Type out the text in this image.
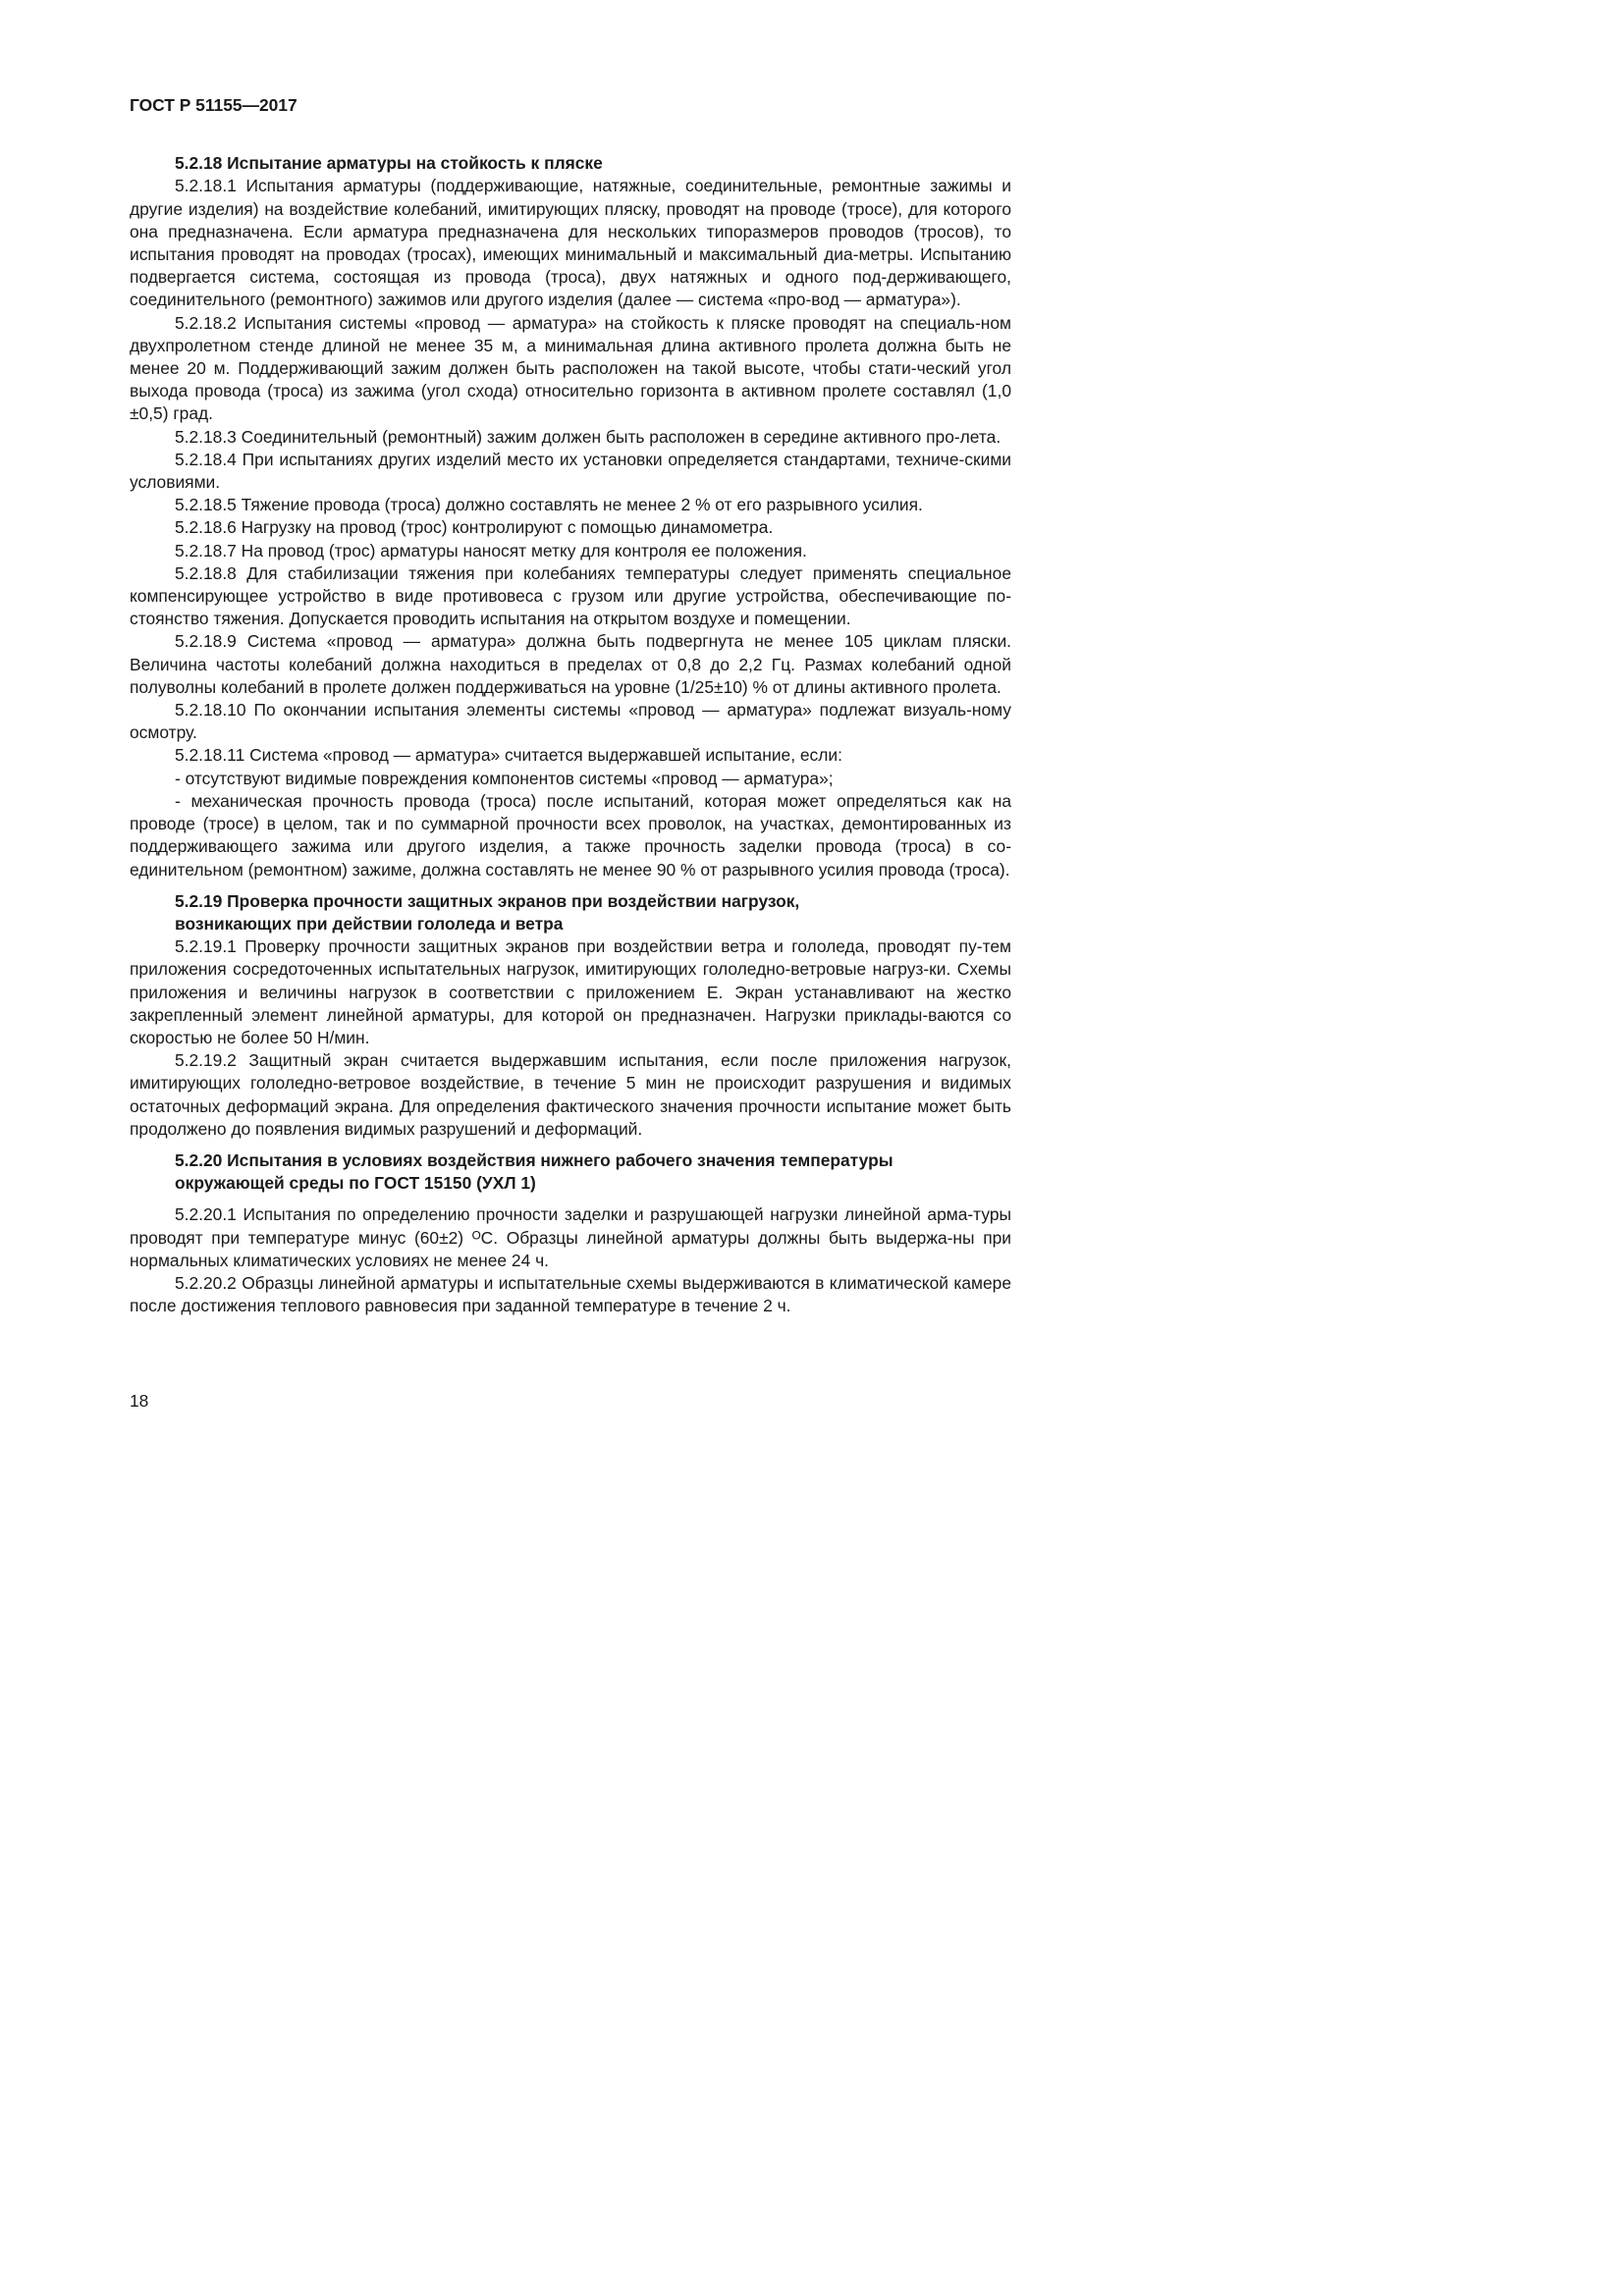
ГОСТ Р 51155—2017

5.2.18 Испытание арматуры на стойкость к пляске

5.2.18.1 Испытания арматуры (поддерживающие, натяжные, соединительные, ремонтные зажимы и другие изделия) на воздействие колебаний, имитирующих пляску, проводят на проводе (тросе), для которого она предназначена. Если арматура предназначена для нескольких типоразмеров проводов (тросов), то испытания проводят на проводах (тросах), имеющих минимальный и максимальный диа-метры. Испытанию подвергается система, состоящая из провода (троса), двух натяжных и одного под-держивающего, соединительного (ремонтного) зажимов или другого изделия (далее — система «про-вод — арматура»).

5.2.18.2 Испытания системы «провод — арматура» на стойкость к пляске проводят на специаль-ном двухпролетном стенде длиной не менее 35 м, а минимальная длина активного пролета должна быть не менее 20 м. Поддерживающий зажим должен быть расположен на такой высоте, чтобы стати-ческий угол выхода провода (троса) из зажима (угол схода) относительно горизонта в активном пролете составлял (1,0 ±0,5) град.

5.2.18.3 Соединительный (ремонтный) зажим должен быть расположен в середине активного про-лета.

5.2.18.4 При испытаниях других изделий место их установки определяется стандартами, техниче-скими условиями.

5.2.18.5 Тяжение провода (троса) должно составлять не менее 2 % от его разрывного усилия.

5.2.18.6 Нагрузку на провод (трос) контролируют с помощью динамометра.

5.2.18.7 На провод (трос) арматуры наносят метку для контроля ее положения.

5.2.18.8 Для стабилизации тяжения при колебаниях температуры следует применять специальное компенсирующее устройство в виде противовеса с грузом или другие устройства, обеспечивающие по-стоянство тяжения. Допускается проводить испытания на открытом воздухе и помещении.

5.2.18.9 Система «провод — арматура» должна быть подвергнута не менее 105 циклам пляски. Величина частоты колебаний должна находиться в пределах от 0,8 до 2,2 Гц. Размах колебаний одной полуволны колебаний в пролете должен поддерживаться на уровне (1/25±10) % от длины активного пролета.

5.2.18.10 По окончании испытания элементы системы «провод — арматура» подлежат визуаль-ному осмотру.

5.2.18.11 Система «провод — арматура» считается выдержавшей испытание, если:

- отсутствуют видимые повреждения компонентов системы «провод — арматура»;

- механическая прочность провода (троса) после испытаний, которая может определяться как на проводе (тросе) в целом, так и по суммарной прочности всех проволок, на участках, демонтированных из поддерживающего зажима или другого изделия, а также прочность заделки провода (троса) в со-единительном (ремонтном) зажиме, должна составлять не менее 90 % от разрывного усилия провода (троса).

5.2.19 Проверка прочности защитных экранов при воздействии нагрузок,

возникающих при действии гололеда и ветра

5.2.19.1 Проверку прочности защитных экранов при воздействии ветра и гололеда, проводят пу-тем приложения сосредоточенных испытательных нагрузок, имитирующих гололедно-ветровые нагруз-ки. Схемы приложения и величины нагрузок в соответствии с приложением Е. Экран устанавливают на жестко закрепленный элемент линейной арматуры, для которой он предназначен. Нагрузки приклады-ваются со скоростью не более 50 Н/мин.

5.2.19.2 Защитный экран считается выдержавшим испытания, если после приложения нагрузок, имитирующих гололедно-ветровое воздействие, в течение 5 мин не происходит разрушения и видимых остаточных деформаций экрана. Для определения фактического значения прочности испытание может быть продолжено до появления видимых разрушений и деформаций.

5.2.20 Испытания в условиях воздействия нижнего рабочего значения температуры

окружающей среды по ГОСТ 15150 (УХЛ 1)

5.2.20.1 Испытания по определению прочности заделки и разрушающей нагрузки линейной арма-туры проводят при температуре минус (60±2) ᴼС. Образцы линейной арматуры должны быть выдержа-ны при нормальных климатических условиях не менее 24 ч.

5.2.20.2 Образцы линейной арматуры и испытательные схемы выдерживаются в климатической камере после достижения теплового равновесия при заданной температуре в течение 2 ч.

18
